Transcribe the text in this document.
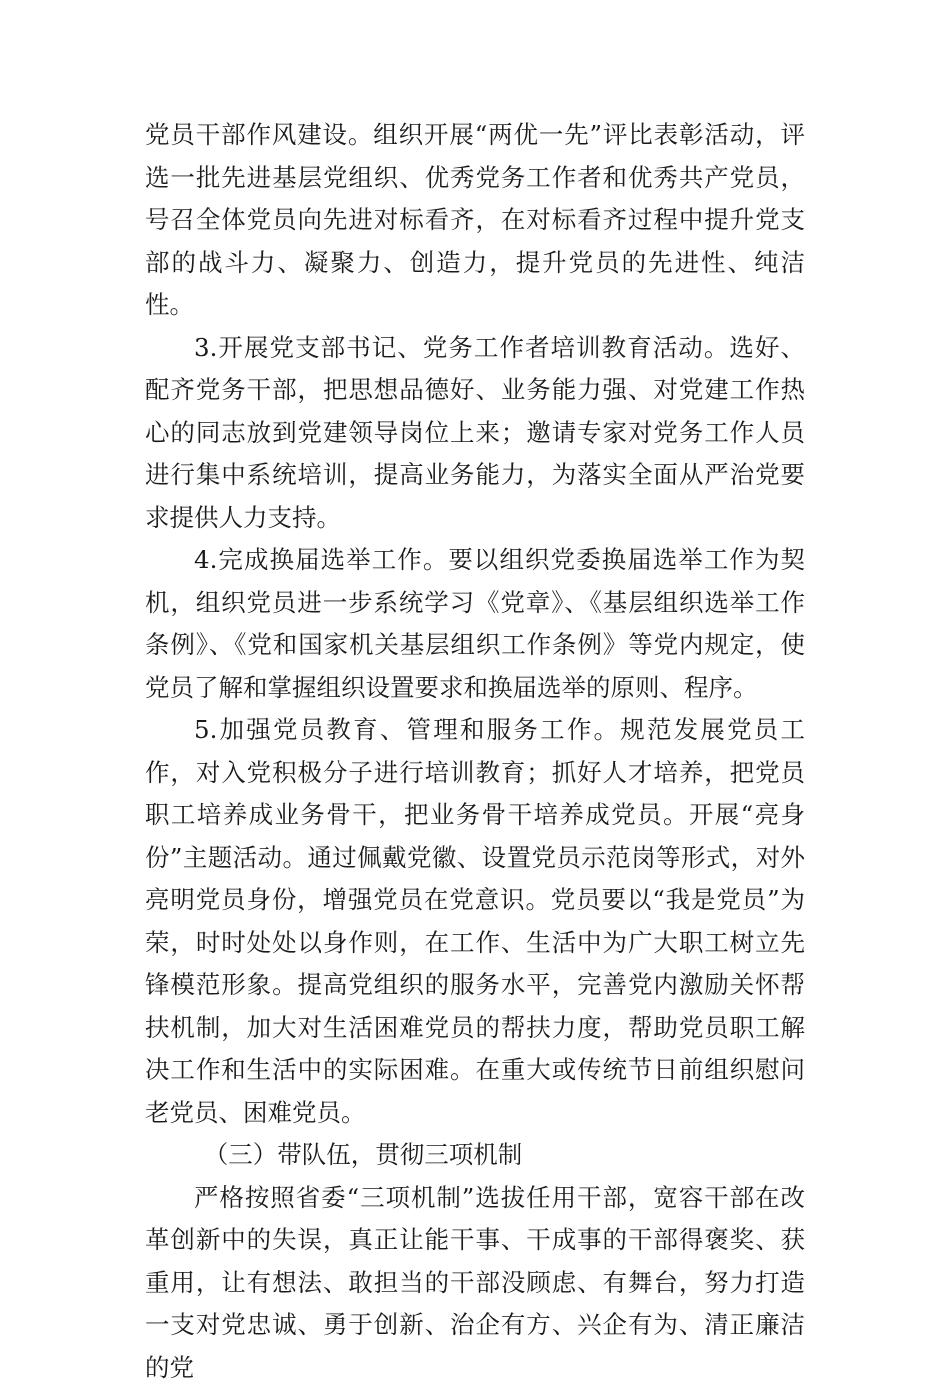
党员干部作风建设。组织开展“两优一先”评比表彰活动，评选一批先进基层党组织、优秀党务工作者和优秀共产党员，号召全体党员向先进对标看齐，在对标看齐过程中提升党支部的战斗力、凝聚力、创造力，提升党员的先进性、纯洁性。

3.开展党支部书记、党务工作者培训教育活动。选好、配齐党务干部，把思想品德好、业务能力强、对党建工作热心的同志放到党建领导岗位上来；邀请专家对党务工作人员进行集中系统培训，提高业务能力，为落实全面从严治党要求提供人力支持。

4.完成换届选举工作。要以组织党委换届选举工作为契机，组织党员进一步系统学习《党章》、《基层组织选举工作条例》、《党和国家机关基层组织工作条例》等党内规定，使党员了解和掌握组织设置要求和换届选举的原则、程序。

5.加强党员教育、管理和服务工作。规范发展党员工作，对入党积极分子进行培训教育；抓好人才培养，把党员职工培养成业务骨干，把业务骨干培养成党员。开展“亮身份”主题活动。通过佩戴党徽、设置党员示范岗等形式，对外亮明党员身份，增强党员在党意识。党员要以“我是党员”为荣，时时处处以身作则，在工作、生活中为广大职工树立先锋模范形象。提高党组织的服务水平，完善党内激励关怀帮扶机制，加大对生活困难党员的帮扶力度，帮助党员职工解决工作和生活中的实际困难。在重大或传统节日前组织慰问老党员、困难党员。

（三）带队伍，贯彻三项机制

严格按照省委“三项机制”选拔任用干部，宽容干部在改革创新中的失误，真正让能干事、干成事的干部得褒奖、获重用，让有想法、敢担当的干部没顾虑、有舞台，努力打造一支对党忠诚、勇于创新、治企有方、兴企有为、清正廉洁的党
